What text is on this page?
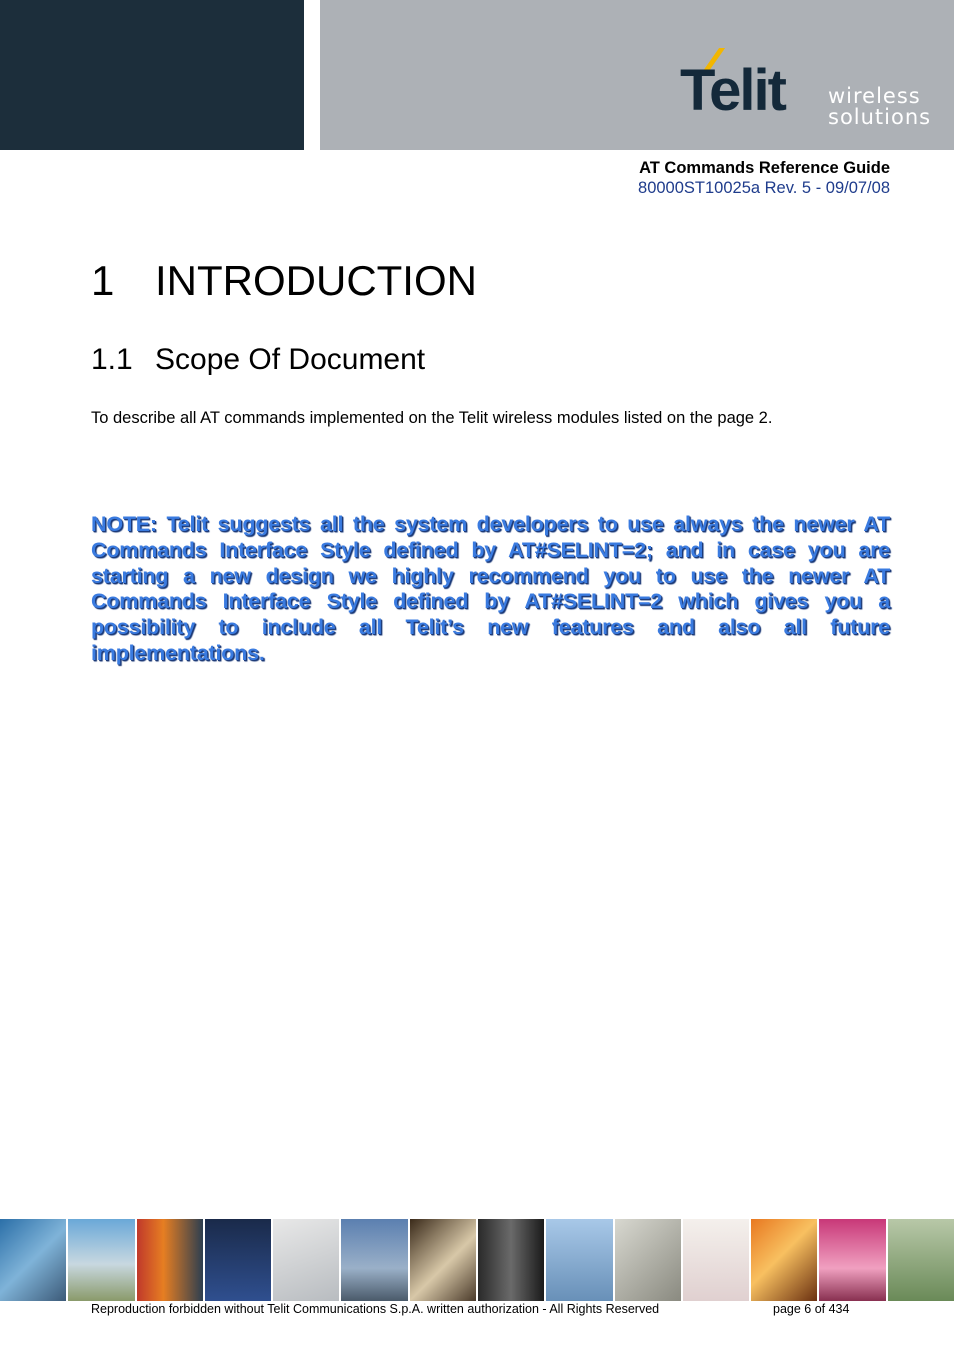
Telit wireless
solutions
AT Commands Reference Guide
80000ST10025a Rev. 5 - 09/07/08
1 INTRODUCTION
1.1 Scope Of Document
To describe all AT commands implemented on the Telit wireless modules listed on the page 2.
NOTE: Telit suggests all the system developers to use always the newer AT Commands Interface Style defined by AT#SELINT=2; and in case you are starting a new design we highly recommend you to use the newer AT Commands Interface Style defined by AT#SELINT=2 which gives you a possibility to include all Telit’s new features and also all future implementations.
Reproduction forbidden without Telit Communications S.p.A. written authorization - All Rights Reserved	page 6 of 434
